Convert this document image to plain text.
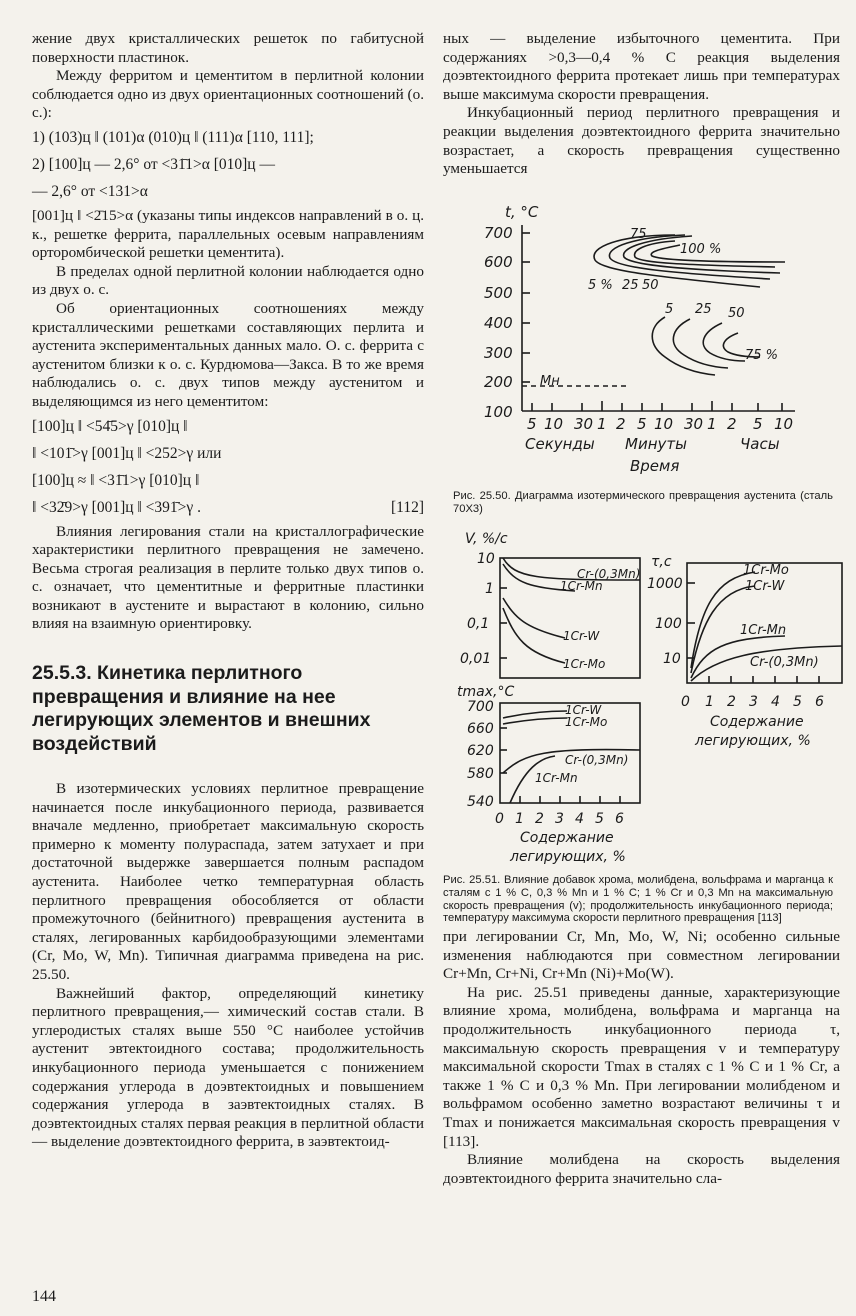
жение двух кристаллических решеток по габитусной поверхности пластинок.

Между ферритом и цементитом в перлитной колонии соблюдается одно из двух ориентационных соотношений (о. с.):

1) (103)ц ‖ (101)α (010)ц ‖ (111)α [110, 111];
2) [100]ц — 2,6° от <31̄1>α [010]ц —
— 2,6° от <131>α

[001]ц ‖ <2̄15>α (указаны типы индексов направлений в о. ц. к., решетке феррита, параллельных осевым направлениям орторомбической решетки цементита).

В пределах одной перлитной колонии наблюдается одно из двух о. с.

Об ориентационных соотношениях между кристаллическими решетками составляющих перлита и аустенита экспериментальных данных мало. О. с. феррита с аустенитом близки к о. с. Курдюмова—Закса. В то же время наблюдались о. с. двух типов между аустенитом и выделяющимся из него цементитом:

[100]ц ‖ <54̄5>γ [010]ц ‖
‖ <101̄>γ [001]ц ‖ <252>γ или
[100]ц ≈ ‖ <31̄1>γ [010]ц ‖
‖ <32̄9>γ [001]ц ‖ <391̄>γ .	[112]

Влияния легирования стали на кристаллографические характеристики перлитного превращения не замечено. Весьма строгая реализация в перлите только двух типов о. с. означает, что цементитные и ферритные пластинки возникают в аустените и вырастают в колонию, сильно влияя на взаимную ориентировку.

25.5.3. Кинетика перлитного превращения и влияние на нее легирующих элементов и внешних воздействий

В изотермических условиях перлитное превращение начинается после инкубационного периода, развивается вначале медленно, приобретает максимальную скорость примерно к моменту полураспада, затем затухает и при достаточной выдержке завершается полным распадом аустенита. Наиболее четко температурная область перлитного превращения обособляется от области промежуточного (бейнитного) превращения аустенита в сталях, легированных карбидообразующими элементами (Cr, Mo, W, Mn). Типичная диаграмма приведена на рис. 25.50.

Важнейший фактор, определяющий кинетику перлитного превращения,— химический состав стали. В углеродистых сталях выше 550 °С наиболее устойчив аустенит эвтектоидного состава; продолжительность инкубационного периода уменьшается с понижением содержания углерода в доэвтектоидных и повышением содержания углерода в заэвтектоидных сталях. В доэвтектоидных сталях первая реакция в перлитной области — выделение доэвтектоидного феррита, в заэвтектоид-

ных — выделение избыточного цементита. При содержаниях >0,3—0,4 % С реакция выделения доэвтектоидного феррита протекает лишь при температурах выше максимума скорости превращения.

Инкубационный период перлитного превращения и реакции выделения доэвтектоидного феррита значительно возрастает, а скорость превращения существенно уменьшается

t, °C
700
600
500
400
300
200
100
Mн
75
100 %
5 % 25 50
5 25 50
75 %
5 10 30 1 2 5 10 30 1 2 5 10
Секунды Минуты	Часы
Время
Рис. 25.50. Диаграмма изотермического превращения аустенита (сталь 70Х3)
V, %/c
10
1
0,1
0,01
Cr-(0,3Mn)
1Cr-Mn
1Cr-W
1Cr-Mo
τ,c
1000
100
10
1Cr-Mo
1Cr-W
1Cr-Mn
Cr-(0,3Mn)
0 1 2 3 4 5 6
Содержание
легирующих, %
tmax,°C
700
660
620
580
540
1Cr-W
1Cr-Mo
Cr-(0,3Mn)
1Cr-Mn
0 1 2 3 4 5 6
Содержание
легирующих, %
Рис. 25.51. Влияние добавок хрома, молибдена, вольфрама и марганца к сталям с 1 % С, 0,3 % Mn и 1 % С; 1 % Cr и 0,3 Mn на максимальную скорость превращения (v); продолжительность инкубационного периода; температуру максимума скорости перлитного превращения [113]

при легировании Cr, Mn, Mo, W, Ni; особенно сильные изменения наблюдаются при совместном легировании Cr+Mn, Cr+Ni, Cr+Mn (Ni)+Mo(W).

На рис. 25.51 приведены данные, характеризующие влияние хрома, молибдена, вольфрама и марганца на продолжительность инкубационного периода τ, максимальную скорость превращения v и температуру максимальной скорости Tmax в сталях с 1 % С и 1 % Cr, а также 1 % С и 0,3 % Mn. При легировании молибденом и вольфрамом особенно заметно возрастают величины τ и Tmax и понижается максимальная скорость превращения v [113].

Влияние молибдена на скорость выделения доэвтектоидного феррита значительно сла-

144
